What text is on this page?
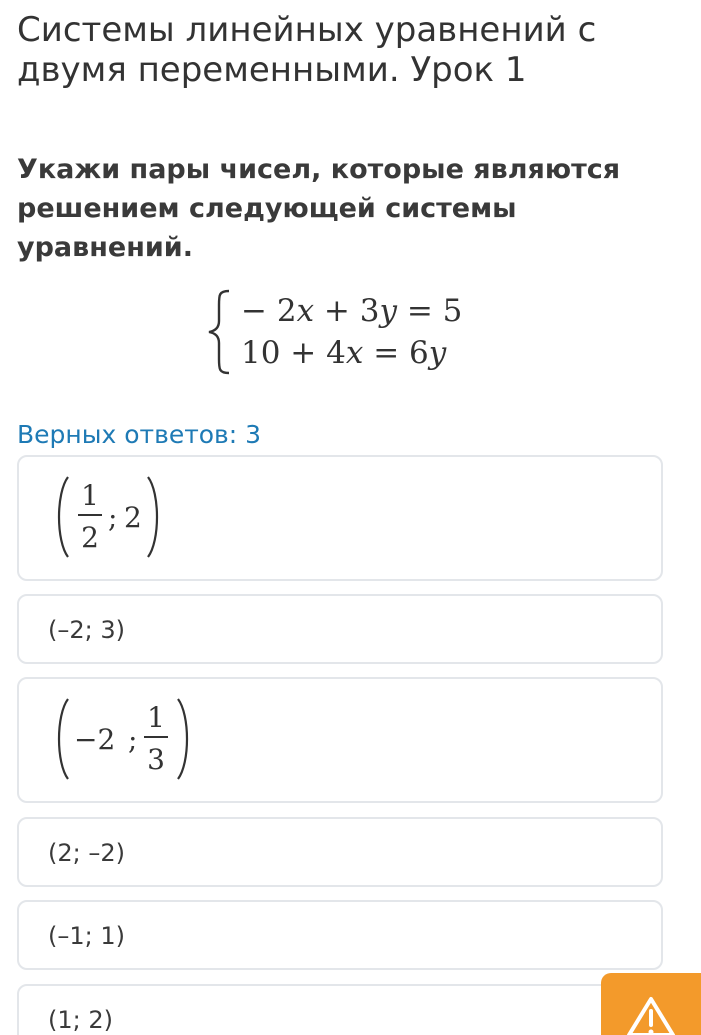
Системы линейных уравнений с двумя переменными. Урок 1
Укажи пары чисел, которые являются решением следующей системы уравнений.
− 2x + 3y = 5
10 + 4x = 6y
Верных ответов: 3
1
2
; 2
(–2; 3)
−2 ;
1
3
(2; –2)
(–1; 1)
(1; 2)
